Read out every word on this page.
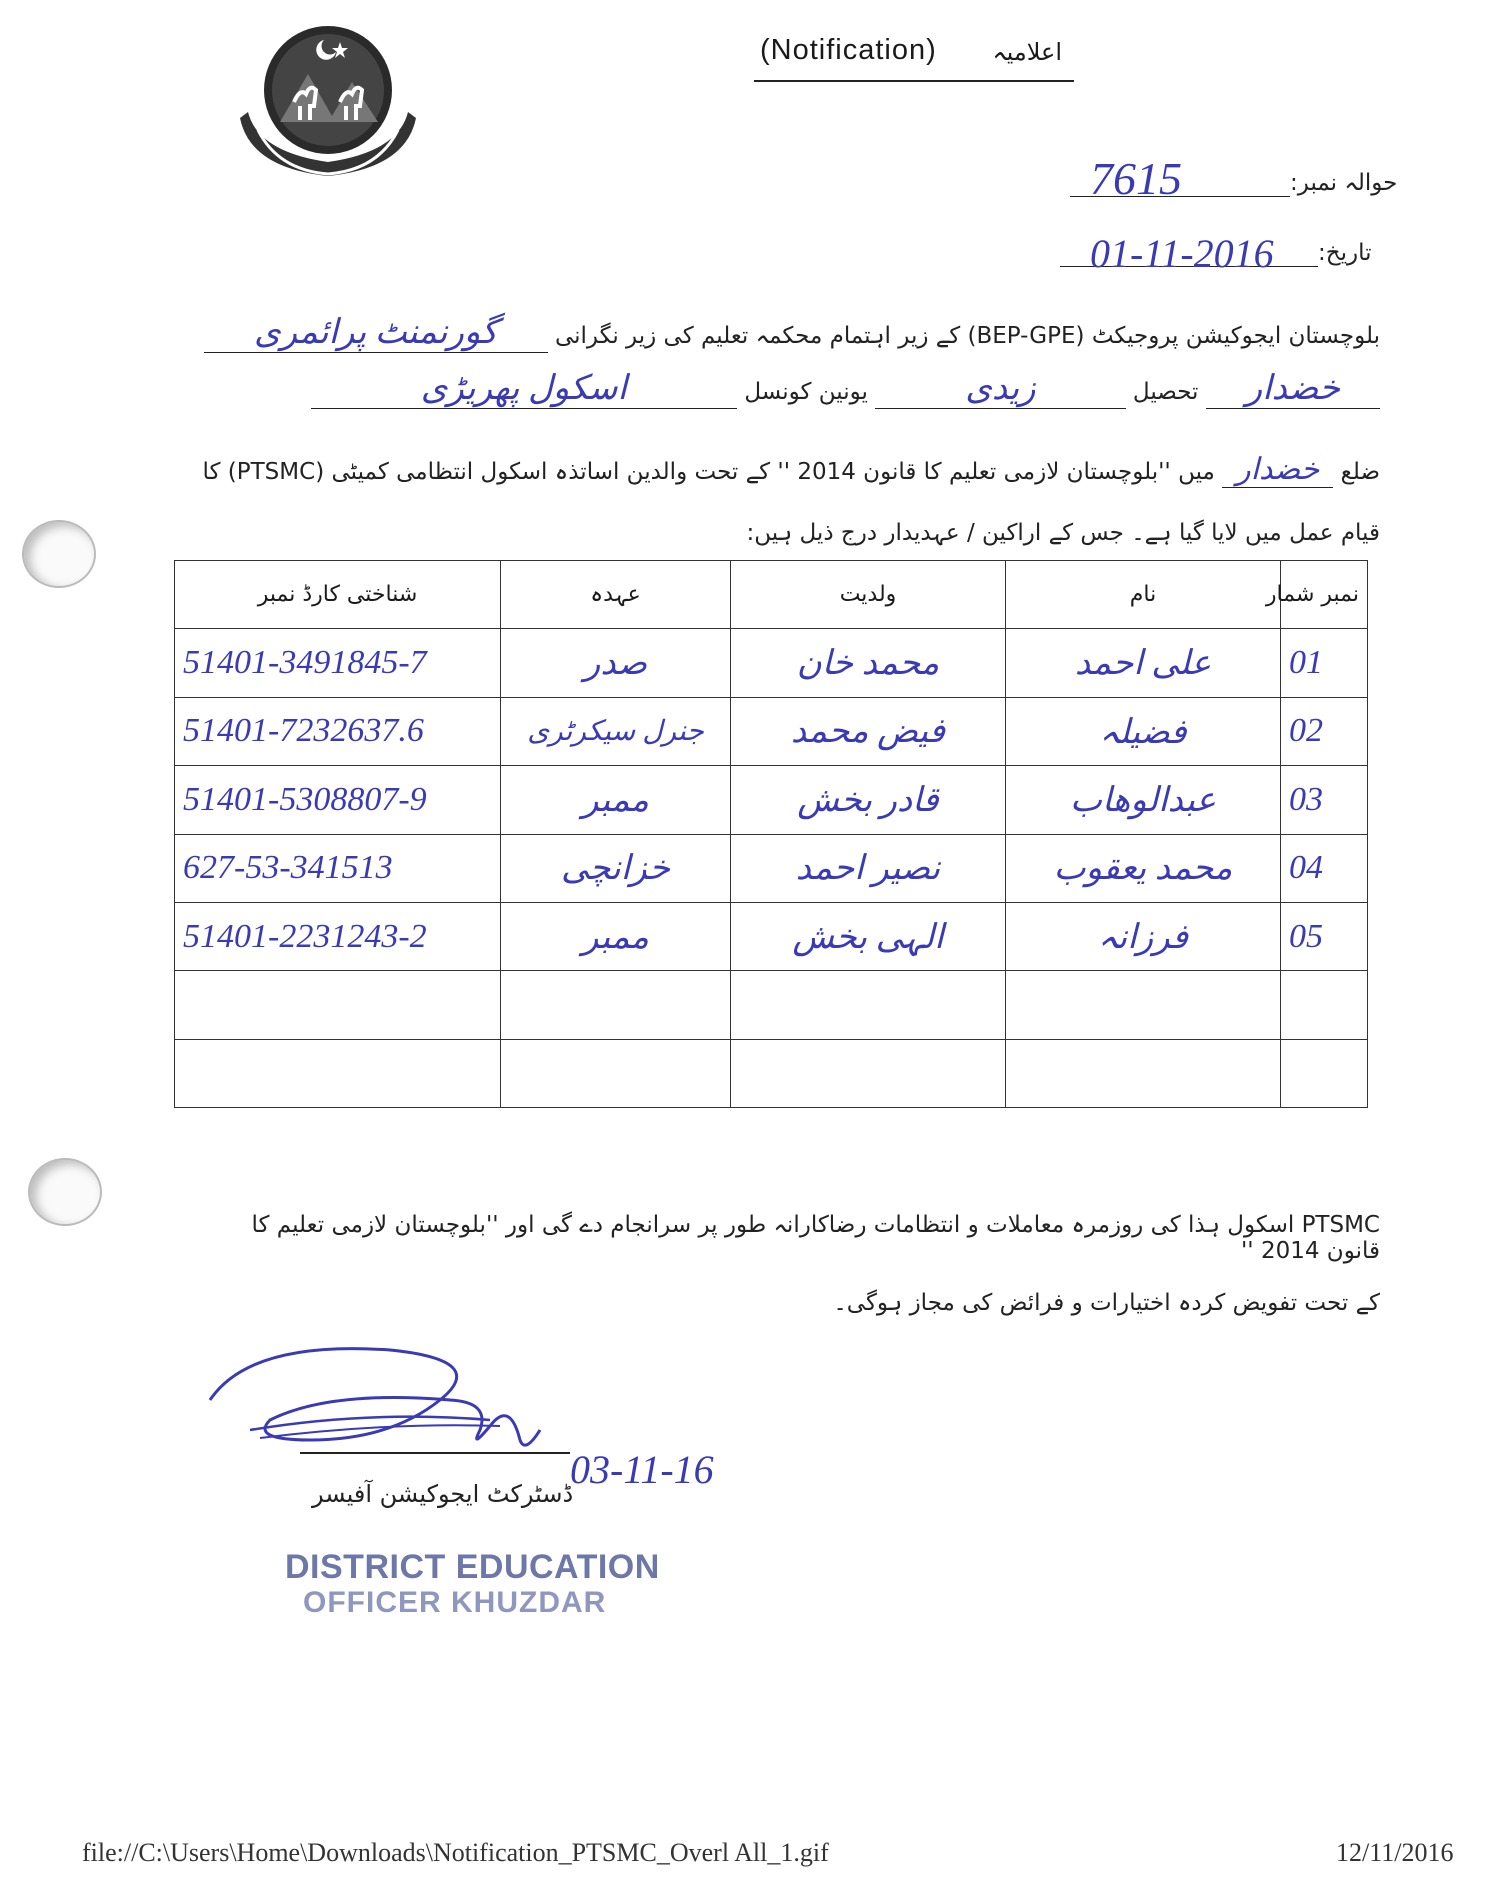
(Notification) اعلامیہ
حوالہ نمبر:
7615
تاریخ:
01-11-2016
بلوچستان ایجوکیشن پروجیکٹ (BEP-GPE) کے زیر اہتمام محکمہ تعلیم کی زیر نگرانی گورنمنٹ پرائمری
خضدار تحصیل زیدی یونین کونسل اسکول پھریڑی
ضلع خضدار میں ''بلوچستان لازمی تعلیم کا قانون 2014 '' کے تحت والدین اساتذہ اسکول انتظامی کمیٹی (PTSMC) کا
قیام عمل میں لایا گیا ہے۔ جس کے اراکین / عہدیدار درج ذیل ہیں:
شناختی کارڈ نمبر	عہدہ	ولدیت	نام	نمبر شمار
51401-3491845-7	صدر	محمد خان	علی احمد	01
51401-7232637.6	جنرل سیکرٹری	فیض محمد	فضیلہ	02
51401-5308807-9	ممبر	قادر بخش	عبدالوھاب	03
627-53-341513	خزانچی	نصیر احمد	محمد یعقوب	04
51401-2231243-2	ممبر	الہی بخش	فرزانہ	05

PTSMC اسکول ہذا کی روزمرہ معاملات و انتظامات رضاکارانہ طور پر سرانجام دے گی اور ''بلوچستان لازمی تعلیم کا قانون 2014 ''
کے تحت تفویض کردہ اختیارات و فرائض کی مجاز ہوگی۔
03-11-16
ڈسٹرکٹ ایجوکیشن آفیسر
DISTRICT EDUCATION
OFFICER KHUZDAR
file://C:\Users\Home\Downloads\Notification_PTSMC_Overl All_1.gif	12/11/2016
